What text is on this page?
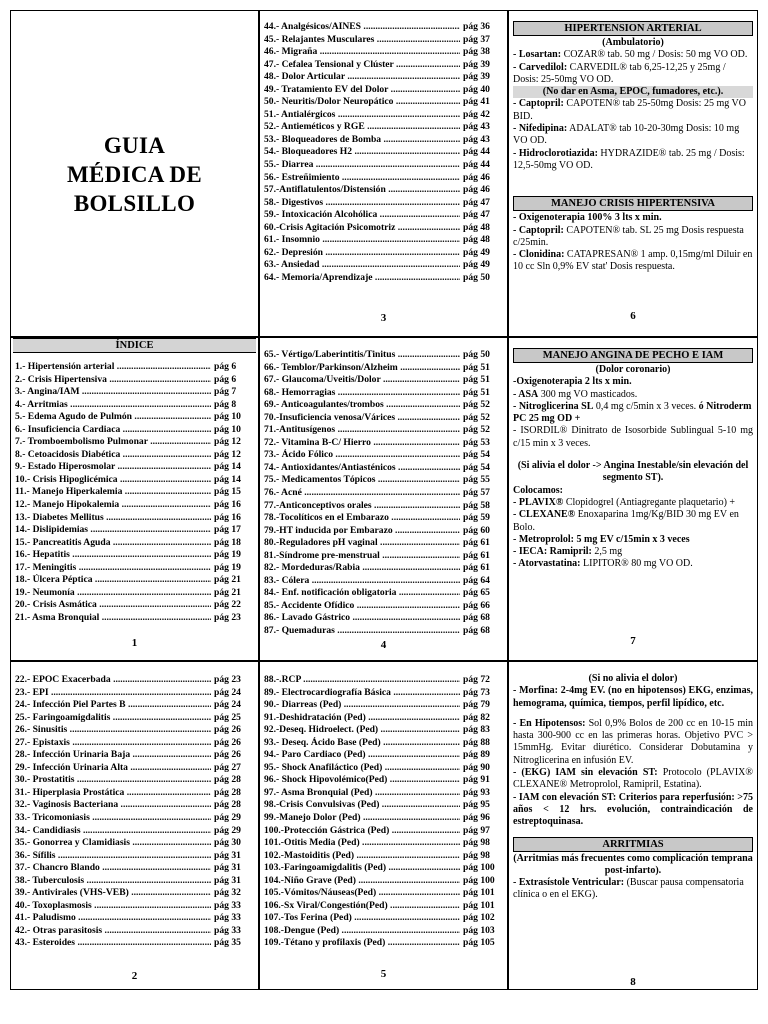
GUIA
MÉDICA DE
BOLSILLO
44.- Analgésicos/AINES .....	pág 36
45.- Relajantes Musculares .....	pág 37
46.- Migraña .....	pág 38
47.- Cefalea Tensional y Clúster .....	pág 39
48.- Dolor Articular .....	pág 39
49.- Tratamiento EV del Dolor .....	pág 40
50.- Neuritis/Dolor Neuropático .....	pág 41
51.- Antialérgicos .....	pág 42
52.- Antieméticos y RGE .....	pág 43
53.- Bloqueadores de Bomba .....	pág 43
54.- Bloqueadores H2 .....	pág 44
55.- Diarrea .....	pág 44
56.- Estreñimiento .....	pág 46
57.-Antiflatulentos/Distensión .....	pág 46
58.- Digestivos .....	pág 47
59.- Intoxicación Alcohólica .....	pág 47
60.-Crisis Agitación Psicomotriz .....	pág 48
61.- Insomnio .....	pág 48
62.- Depresión .....	pág 49
63.- Ansiedad .....	pág 49
64.- Memoria/Aprendizaje .....	pág 50
3
HIPERTENSION ARTERIAL
(Ambulatorio)
- Losartan: COZAR® tab. 50 mg / Dosis: 50 mg VO OD.
- Carvedilol: CARVEDIL® tab 6,25-12,25 y 25mg / Dosis: 25-50mg VO OD.
(No dar en Asma, EPOC, fumadores, etc.).
- Captopril: CAPOTEN® tab 25-50mg Dosis: 25 mg VO BID.
- Nifedipina: ADALAT® tab 10-20-30mg Dosis: 10 mg VO OD.
- Hidroclorotiazida: HYDRAZIDE® tab. 25 mg / Dosis: 12,5-50mg VO OD.
MANEJO CRISIS HIPERTENSIVA
- Oxigenoterapia 100% 3 lts x min.
- Captopril: CAPOTEN® tab. SL 25 mg Dosis respuesta c/25min.
- Clonidina: CATAPRESAN® 1 amp. 0,15mg/ml Diluir en 10 cc Sln 0,9% EV stat' Dosis respuesta.
6
ÍNDICE
1.- Hipertensión arterial .....	pág 6
2.- Crisis Hipertensiva .....	pág 6
3.- Angina/IAM .....	pág 7
4.- Arritmias .....	pág 8
5.- Edema Agudo de Pulmón .....	pág 10
6.- Insuficiencia Cardiaca .....	pág 10
7.- Tromboembolismo Pulmonar .....	pág 12
8.- Cetoacidosis Diabética .....	pág 12
9.- Estado Hiperosmolar .....	pág 14
10.- Crisis Hipoglicémica .....	pág 14
11.- Manejo Hiperkalemia .....	pág 15
12.- Manejo Hipokalemia .....	pág 16
13.- Diabetes Mellitus .....	pág 16
14.- Dislipidemias .....	pág 17
15.- Pancreatitis Aguda .....	pág 18
16.- Hepatitis .....	pág 19
17.- Meningitis .....	pág 19
18.- Úlcera Péptica .....	pág 21
19.- Neumonía .....	pág 21
20.- Crisis Asmática .....	pág 22
21.- Asma Bronquial .....	pág 23
1
65.- Vértigo/Laberintitis/Tinitus .....	pág 50
66.- Temblor/Parkinson/Alzheim .....	pág 51
67.- Glaucoma/Uveitis/Dolor .....	pág 51
68.- Hemorragias .....	pág 51
69.- Anticoagulantes/trombos .....	pág 52
70.-Insuficiencia venosa/Várices .....	pág 52
71.-Antitusígenos .....	pág 52
72.- Vitamina B-C/ Hierro .....	pág 53
73.- Ácido Fólico .....	pág 54
74.- Antioxidantes/Antiasténicos .....	pág 54
75.- Medicamentos Tópicos .....	pág 55
76.- Acné .....	pág 57
77.-Anticonceptivos orales .....	pág 58
78.-Tocolíticos en el Embarazo .....	pág 59
79.-HT inducida por Embarazo .....	pág 60
80.-Reguladores pH vaginal .....	pág 61
81.-Síndrome pre-menstrual .....	pág 61
82.- Mordeduras/Rabia .....	pág 61
83.- Cólera .....	pág 64
84.- Enf. notificación obligatoria .....	pág 65
85.- Accidente Ofídico .....	pág 66
86.- Lavado Gástrico .....	pág 68
87.- Quemaduras .....	pág 68
4
MANEJO ANGINA DE PECHO E IAM
(Dolor coronario)
-Oxigenoterapia 2 lts x min.
- ASA 300 mg VO masticados.
- Nitroglicerina SL 0,4 mg c/5min x 3 veces. ó Nitroderm PC 25 mg OD +
- ISORDIL® Dinitrato de Isosorbide Sublingual 5-10 mg c/15 min x 3 veces.
(Si alivia el dolor -> Angina Inestable/sin elevación del segmento ST).
Colocamos:
- PLAVIX® Clopidogrel (Antiagregante plaquetario) +
- CLEXANE® Enoxaparina 1mg/Kg/BID 30 mg EV en Bolo.
- Metroprolol: 5 mg EV c/15min x 3 veces
- IECA: Ramipril: 2,5 mg
- Atorvastatina: LIPITOR® 80 mg VO OD.
7
22.- EPOC Exacerbada .....	pág 23
23.- EPI .....	pág 24
24.- Infección Piel Partes B .....	pág 24
25.- Faringoamigdalitis .....	pág 25
26.- Sinusitis .....	pág 26
27.- Epistaxis .....	pág 26
28.- Infección Urinaria Baja .....	pág 26
29.- Infección Urinaria Alta .....	pág 27
30.- Prostatitis .....	pág 28
31.- Hiperplasia Prostática .....	pág 28
32.- Vaginosis Bacteriana .....	pág 28
33.- Tricomoniasis .....	pág 29
34.- Candidiasis .....	pág 29
35.- Gonorrea y Clamidiasis .....	pág 30
36.- Sífilis .....	pág 31
37.- Chancro Blando .....	pág 31
38.- Tuberculosis .....	pág 31
39.- Antivirales (VHS-VEB) .....	pág 32
40.- Toxoplasmosis .....	pág 33
41.- Paludismo .....	pág 33
42.- Otras parasitosis .....	pág 33
43.- Esteroides .....	pág 35
2
88.-.RCP .....	pág 72
89.- Electrocardiografía Básica .....	pág 73
90.- Diarreas (Ped) .....	pág 79
91.-Deshidratación (Ped) .....	pág 82
92.-Deseq. Hidroelect. (Ped) .....	pág 83
93.- Deseq. Ácido Base (Ped) .....	pág 88
94.- Paro Cardiaco (Ped) .....	pág 89
95.- Shock Anafiláctico (Ped) .....	pág 90
96.- Shock Hipovolémico(Ped) .....	pág 91
97.- Asma Bronquial (Ped) .....	pág 93
98.-Crisis Convulsivas (Ped) .....	pág 95
99.-Manejo Dolor (Ped) .....	pág 96
100.-Protección Gástrica (Ped) .....	pág 97
101.-Otitis Media (Ped) .....	pág 98
102.-Mastoiditis (Ped) .....	pág 98
103.-Faringoamigdalitis (Ped) .....	pág 100
104.-Niño Grave (Ped) .....	pág 100
105.-Vómitos/Náuseas(Ped) .....	pág 101
106.-Sx Viral/Congestión(Ped) .....	pág 101
107.-Tos Ferina (Ped) .....	pág 102
108.-Dengue (Ped) .....	pág 103
109.-Tétano y profilaxis (Ped) .....	pág 105
5
(Si no alivia el dolor)
- Morfina: 2-4mg EV. (no en hipotensos) EKG, enzimas, hemograma, química, tiempos, perfil lipídico, etc.
- En Hipotensos: Sol 0,9% Bolos de 200 cc en 10-15 min hasta 300-900 cc en las primeras horas. Objetivo PVC > 15mmHg. Evitar diurético. Considerar Dobutamina y Nitroglicerina en infusión EV.
- (EKG) IAM sin elevación ST: Protocolo (PLAVIX® CLEXANE® Metroprolol, Ramipril, Estatina).
- IAM con elevación ST: Criterios para reperfusión: >75 años < 12 hrs. evolución, contraindicación de estreptoquinasa.
ARRITMIAS
(Arritmias más frecuentes como complicación temprana post-infarto).
- Extrasístole Ventricular: (Buscar pausa compensatoria clínica o en el EKG).
8
